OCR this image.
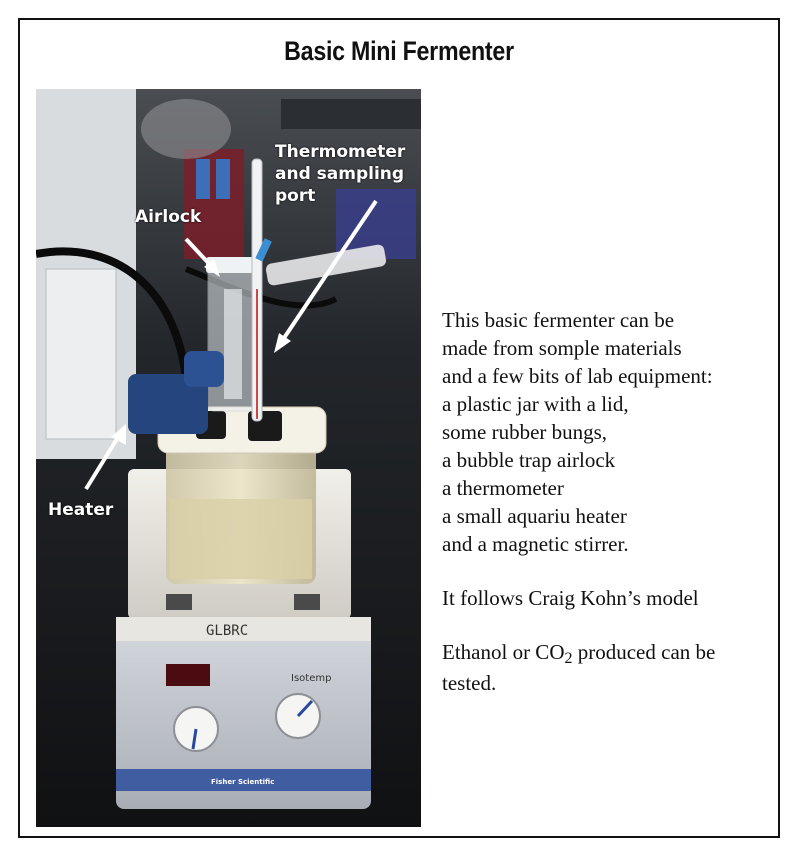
Basic Mini Fermenter
GLBRC
Isotemp
Fisher Scientific
Airlock
Thermometer
and sampling
port
Heater
This basic fermenter can be
made from somple materials
and a few bits of lab equipment:
a plastic jar with a lid,
some rubber bungs,
a bubble trap airlock
a thermometer
a small aquariu heater
and a magnetic stirrer.
It follows Craig Kohn’s model
Ethanol or CO2 produced can be tested.
